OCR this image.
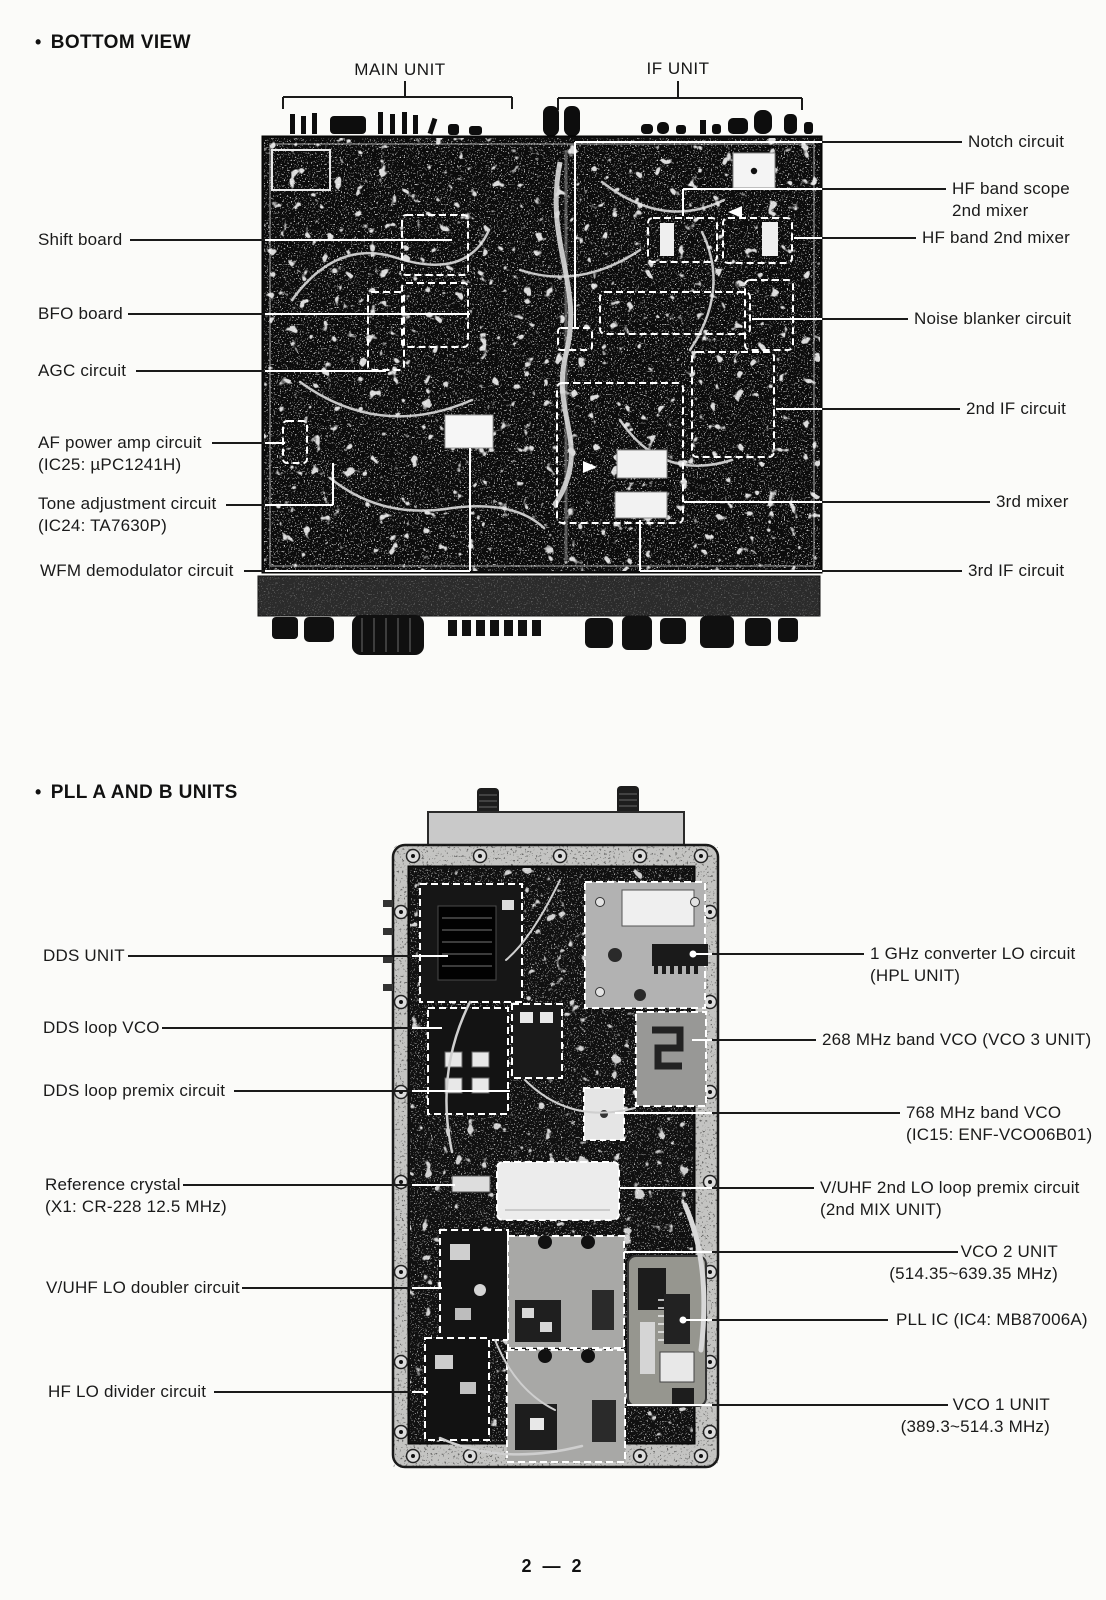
• BOTTOM VIEW
• PLL A AND B UNITS
MAIN UNIT	IF UNIT
Shift board
BFO board
AGC circuit
AF power amp circuit
(IC25: µPC1241H)
Tone adjustment circuit
(IC24: TA7630P)
WFM demodulator circuit
Notch circuit
HF band scope
2nd mixer
HF band 2nd mixer
Noise blanker circuit
2nd IF circuit
3rd mixer
3rd IF circuit
DDS UNIT
DDS loop VCO
DDS loop premix circuit
Reference crystal
(X1: CR-228 12.5 MHz)
V/UHF LO doubler circuit
HF LO divider circuit
1 GHz converter LO circuit
(HPL UNIT)
268 MHz band VCO (VCO 3 UNIT)
768 MHz band VCO
(IC15: ENF-VCO06B01)
V/UHF 2nd LO loop premix circuit
(2nd MIX UNIT)
VCO 2 UNIT
(514.35~639.35 MHz)
PLL IC (IC4: MB87006A)
VCO 1 UNIT
(389.3~514.3 MHz)
2 — 2
